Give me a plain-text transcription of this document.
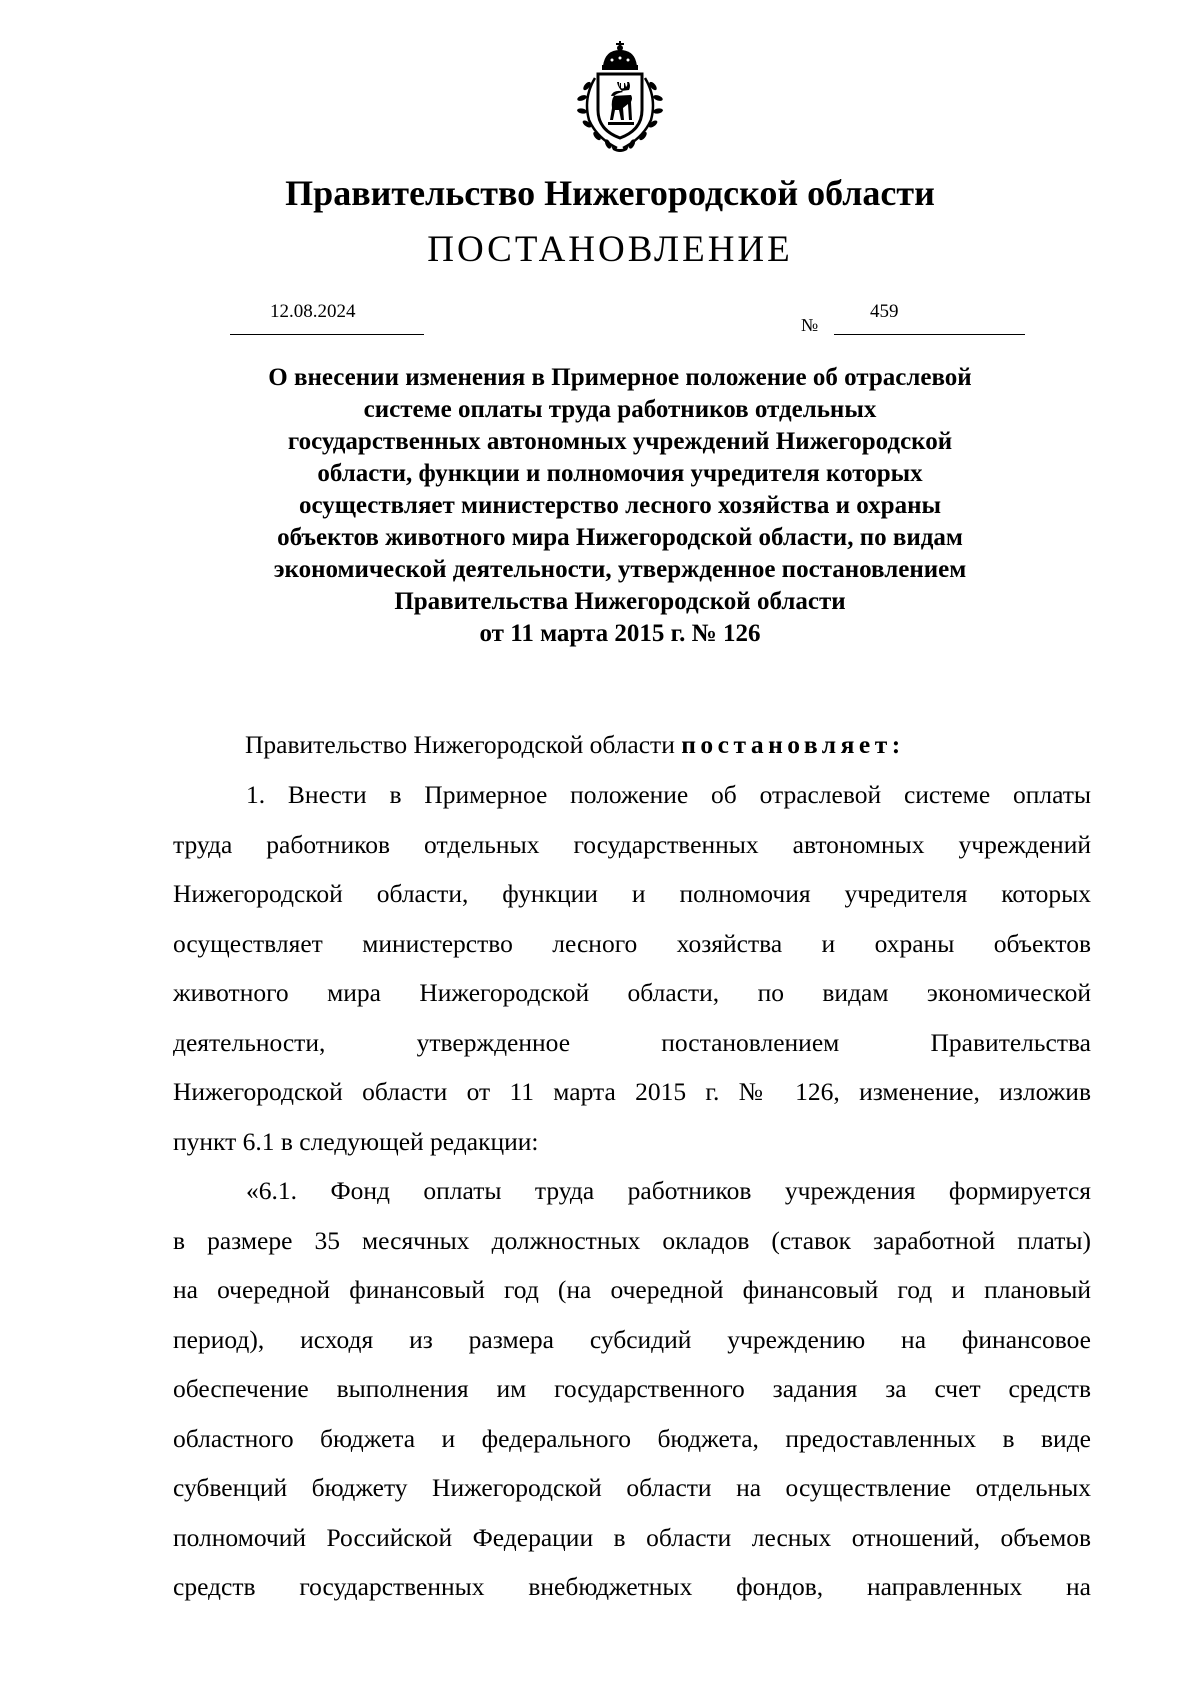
Правительство Нижегородской области
ПОСТАНОВЛЕНИЕ
12.08.2024
№
459
О внесении изменения в Примерное положение об отраслевой
системе оплаты труда работников отдельных
государственных автономных учреждений Нижегородской
области, функции и полномочия учредителя которых
осуществляет министерство лесного хозяйства и охраны
объектов животного мира Нижегородской области, по видам
экономической деятельности, утвержденное постановлением
Правительства Нижегородской области
от 11 марта 2015 г. № 126
Правительство Нижегородской области постановляет:
1. Внести в Примерное положение об отраслевой системе оплаты
труда работников отдельных государственных автономных учреждений
Нижегородской области, функции и полномочия учредителя которых
осуществляет министерство лесного хозяйства и охраны объектов
животного мира Нижегородской области, по видам экономической
деятельности, утвержденное постановлением Правительства
Нижегородской области от 11 марта 2015 г. № 126, изменение, изложив
пункт 6.1 в следующей редакции:
«6.1. Фонд оплаты труда работников учреждения формируется
в размере 35 месячных должностных окладов (ставок заработной платы)
на очередной финансовый год (на очередной финансовый год и плановый
период), исходя из размера субсидий учреждению на финансовое
обеспечение выполнения им государственного задания за счет средств
областного бюджета и федерального бюджета, предоставленных в виде
субвенций бюджету Нижегородской области на осуществление отдельных
полномочий Российской Федерации в области лесных отношений, объемов
средств государственных внебюджетных фондов, направленных на
